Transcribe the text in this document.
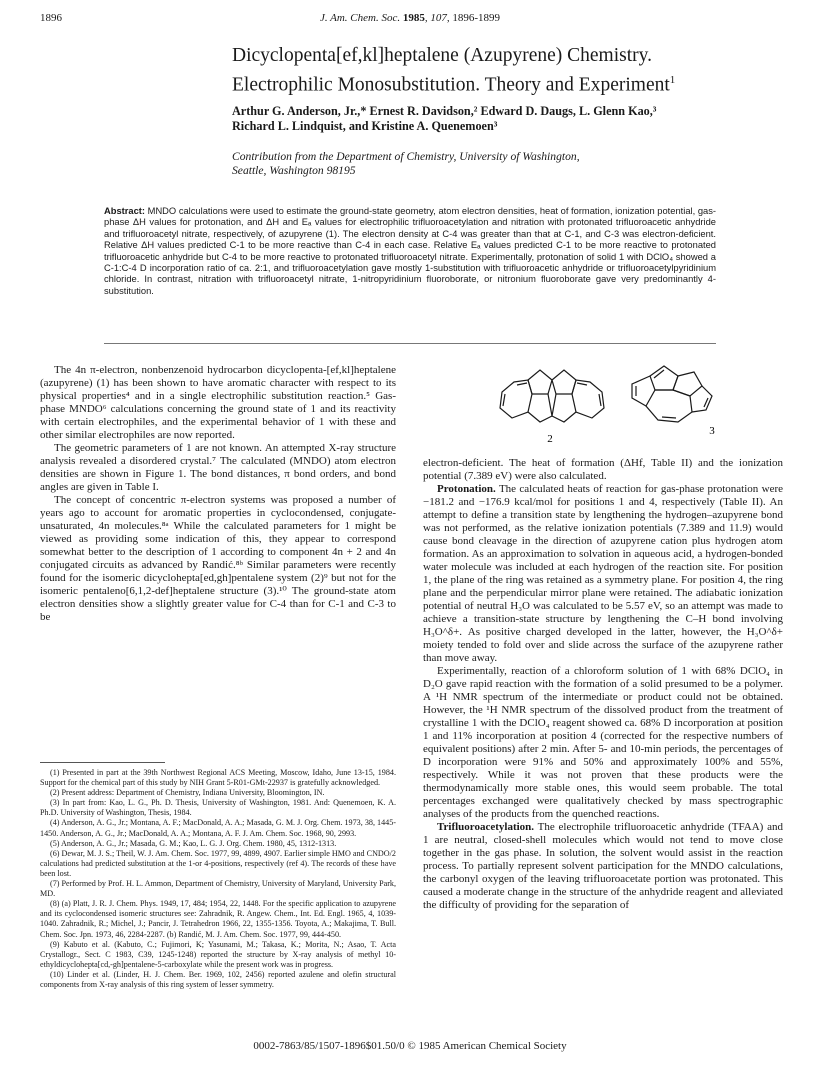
1896	J. Am. Chem. Soc. 1985, 107, 1896-1899
Dicyclopenta[ef,kl]heptalene (Azupyrene) Chemistry.
Electrophilic Monosubstitution. Theory and Experiment$^1$
Arthur G. Anderson, Jr.,* Ernest R. Davidson,² Edward D. Daugs, L. Glenn Kao,³
Richard L. Lindquist, and Kristine A. Quenemoen³
Contribution from the Department of Chemistry, University of Washington,
Seattle, Washington 98195
Abstract: MNDO calculations were used to estimate the ground-state geometry, atom electron densities, heat of formation, ionization potential, gas-phase ΔH values for protonation, and ΔH and Eₐ values for electrophilic trifluoroacetylation and nitration with protonated trifluoroacetic anhydride and trifluoroacetyl nitrate, respectively, of azupyrene (1). The electron density at C-4 was greater than that at C-1, and C-3 was electron-deficient. Relative ΔH values predicted C-1 to be more reactive than C-4 in each case. Relative Eₐ values predicted C-1 to be more reactive to protonated trifluoroacetic anhydride but C-4 to be more reactive to protonated trifluoroacetyl nitrate. Experimentally, protonation of solid 1 with DClO₄ showed a C-1:C-4 D incorporation ratio of ca. 2:1, and trifluoroacetylation gave mostly 1-substitution with trifluoroacetic anhydride or trifluoroacetylpyridinium chloride. In contrast, nitration with trifluoroacetyl nitrate, 1-nitropyridinium fluoroborate, or nitronium fluoroborate gave very predominantly 4-substitution.

The 4n π-electron, nonbenzenoid hydrocarbon dicyclopenta-[ef,kl]heptalene (azupyrene) (1) has been shown to have aromatic character with respect to its physical properties⁴ and in a single electrophilic substitution reaction.⁵ Gas-phase MNDO⁶ calculations concerning the ground state of 1 and its reactivity with certain electrophiles, and the experimental behavior of 1 with these and other similar electrophiles are now reported.

The geometric parameters of 1 are not known. An attempted X-ray structure analysis revealed a disordered crystal.⁷ The calculated (MNDO) atom electron densities are shown in Figure 1. The bond distances, π bond orders, and bond angles are given in Table I.

The concept of concentric π-electron systems was proposed a number of years ago to account for aromatic properties in cyclocondensed, conjugate-unsaturated, 4n molecules.⁸ᵃ While the calculated parameters for 1 might be viewed as providing some indication of this, they appear to correspond somewhat better to the description of 1 according to component 4n + 2 and 4n conjugated circuits as advanced by Randić.⁸ᵇ Similar parameters were recently found for the isomeric dicyclohepta[ed,gh]pentalene system (2)⁹ but not for the isomeric pentaleno[6,1,2-def]heptalene structure (3).¹⁰ The ground-state atom electron densities show a slightly greater value for C-4 than for C-1 and C-3 to be

(1) Presented in part at the 39th Northwest Regional ACS Meeting, Moscow, Idaho, June 13-15, 1984. Support for the chemical part of this study by NIH Grant 5-R01-GMt-22937 is gratefully acknowledged.
(2) Present address: Department of Chemistry, Indiana University, Bloomington, IN.
(3) In part from: Kao, L. G., Ph. D. Thesis, University of Washington, 1981. And: Quenemoen, K. A. Ph.D. University of Washington, Thesis, 1984.
(4) Anderson, A. G., Jr.; Montana, A. F.; MacDonald, A. A.; Masada, G. M. J. Org. Chem. 1973, 38, 1445-1450. Anderson, A. G., Jr.; MacDonald, A. A.; Montana, A. F. J. Am. Chem. Soc. 1968, 90, 2993.
(5) Anderson, A. G., Jr.; Masada, G. M.; Kao, L. G. J. Org. Chem. 1980, 45, 1312-1313.
(6) Dewar, M. J. S.; Theil, W. J. Am. Chem. Soc. 1977, 99, 4899, 4907. Earlier simple HMO and CNDO/2 calculations had predicted substitution at the 1-or 4-positions, respectively (ref 4). The records of these have been lost.
(7) Performed by Prof. H. L. Ammon, Department of Chemistry, University of Maryland, University Park, MD.
(8) (a) Platt, J. R. J. Chem. Phys. 1949, 17, 484; 1954, 22, 1448. For the specific application to azupyrene and its cyclocondensed isomeric structures see: Zahradnik, R. Angew. Chem., Int. Ed. Engl. 1965, 4, 1039-1040. Zahradnik, R.; Michel, J.; Pancir, J. Tetrahedron 1966, 22, 1355-1356. Toyota, A.; Makajima, T. Bull. Chem. Soc. Jpn. 1973, 46, 2284-2287. (b) Randić, M. J. Am. Chem. Soc. 1977, 99, 444-450.
(9) Kabuto et al. (Kabuto, C.; Fujimori, K; Yasunami, M.; Takasa, K.; Morita, N.; Asao, T. Acta Crystallogr., Sect. C 1983, C39, 1245-1248) reported the structure by X-ray analysis of methyl 10-ethyldicyclohepta[cd,-gh]pentalene-5-carboxylate while the present work was in progress.
(10) Linder et al. (Linder, H. J. Chem. Ber. 1969, 102, 2456) reported azulene and olefin structural components from X-ray analysis of this ring system of lesser symmetry.
2
3

electron-deficient. The heat of formation (ΔHf, Table II) and the ionization potential (7.389 eV) were also calculated.

Protonation. The calculated heats of reaction for gas-phase protonation were −181.2 and −176.9 kcal/mol for positions 1 and 4, respectively (Table II). An attempt to define a transition state by lengthening the hydrogen–azupyrene bond was not performed, as the relative ionization potentials (7.389 and 11.9) would cause bond cleavage in the direction of azupyrene cation plus hydrogen atom formation. As an approximation to solvation in aqueous acid, a hydrogen-bonded water molecule was included at each hydrogen of the reaction site. For position 1, the plane of the ring was retained as a symmetry plane. For position 4, the ring plane and the perpendicular mirror plane were retained. The adiabatic ionization potential of neutral H₃O was calculated to be 5.57 eV, so an attempt was made to achieve a transition-state structure by lengthening the C–H bond involving H₃O^δ+. As positive charged developed in the latter, however, the H₃O^δ+ moiety tended to fold over and slide across the surface of the azupyrene rather than move away.

Experimentally, reaction of a chloroform solution of 1 with 68% DClO₄ in D₂O gave rapid reaction with the formation of a solid presumed to be a polymer. A ¹H NMR spectrum of the intermediate or product could not be obtained. However, the ¹H NMR spectrum of the dissolved product from the treatment of crystalline 1 with the DClO₄ reagent showed ca. 68% D incorporation at position 1 and 11% incorporation at position 4 (corrected for the respective numbers of equivalent positions) after 2 min. After 5- and 10-min periods, the percentages of D incorporation were 91% and 50% and approximately 100% and 55%, respectively. While it was not proven that these products were the thermodynamically more stable ones, this would seem probable. The total percentages exchanged were qualitatively checked by mass spectrographic analyses of the products from the quenched reactions.

Trifluoroacetylation. The electrophile trifluoroacetic anhydride (TFAA) and 1 are neutral, closed-shell molecules which would not tend to move close together in the gas phase. In solution, the solvent would assist in the reaction process. To partially represent solvent participation for the MNDO calculations, the carbonyl oxygen of the leaving trifluoroacetate portion was protonated. This caused a moderate change in the structure of the anhydride reagent and alleviated the difficulty of providing for the separation of

0002-7863/85/1507-1896$01.50/0 © 1985 American Chemical Society
